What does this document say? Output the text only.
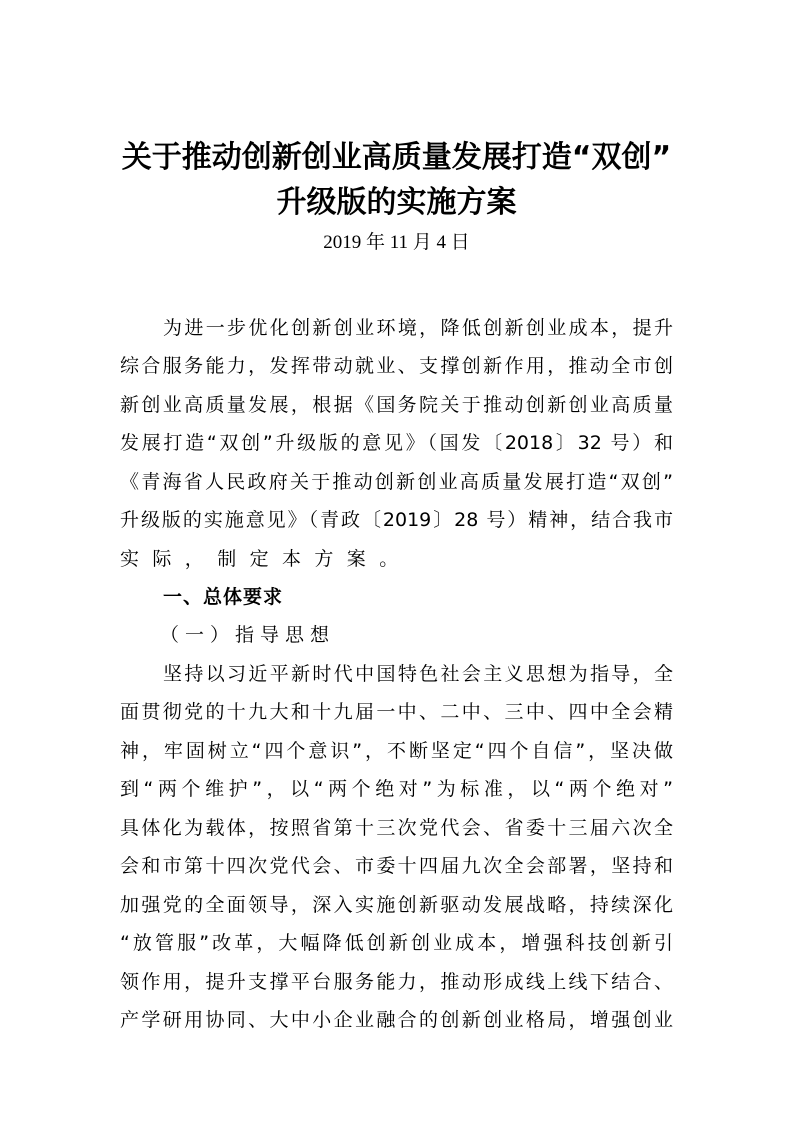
关于推动创新创业高质量发展打造“双创”
升级版的实施方案
2019 年 11 月 4 日
为进一步优化创新创业环境，降低创新创业成本，提升
综合服务能力，发挥带动就业、支撑创新作用，推动全市创
新创业高质量发展，根据《国务院关于推动创新创业高质量
发展打造“双创”升级版的意见》（国发〔2018〕32 号）和
《青海省人民政府关于推动创新创业高质量发展打造“双创”
升级版的实施意见》（青政〔2019〕28 号）精神，结合我市
实际，制定本方案。
一、总体要求
（一）指导思想
坚持以习近平新时代中国特色社会主义思想为指导，全
面贯彻党的十九大和十九届一中、二中、三中、四中全会精
神，牢固树立“四个意识”，不断坚定“四个自信”，坚决做
到“两个维护”，以“两个绝对”为标准，以“两个绝对”
具体化为载体，按照省第十三次党代会、省委十三届六次全
会和市第十四次党代会、市委十四届九次全会部署，坚持和
加强党的全面领导，深入实施创新驱动发展战略，持续深化
“放管服”改革，大幅降低创新创业成本，增强科技创新引
领作用，提升支撑平台服务能力，推动形成线上线下结合、
产学研用协同、大中小企业融合的创新创业格局，增强创业
